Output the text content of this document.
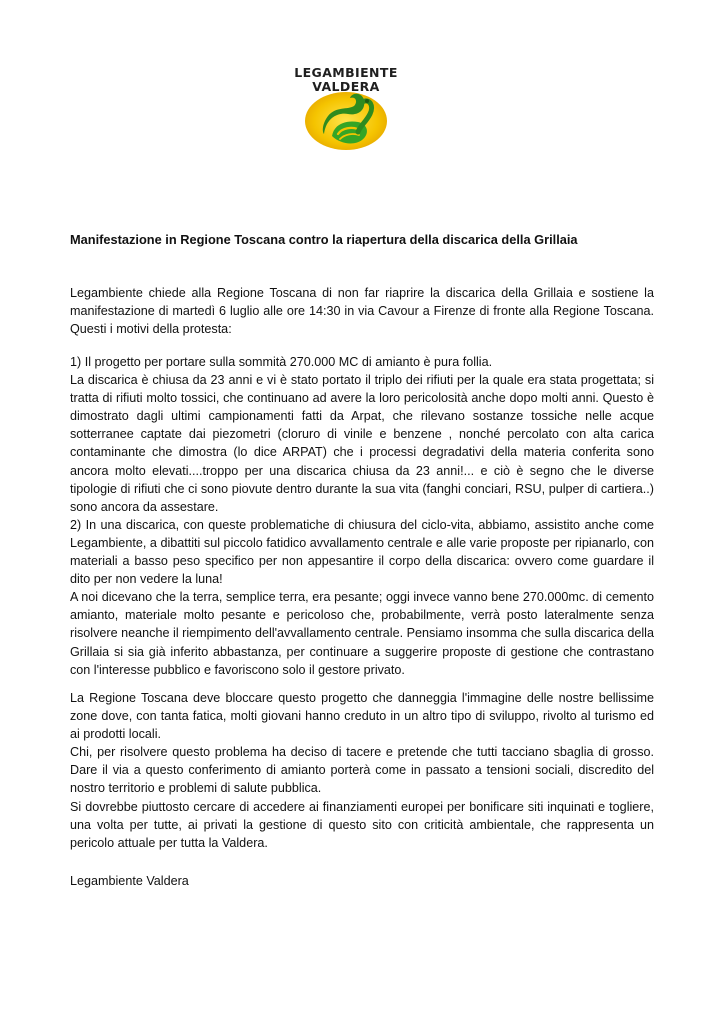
LEGAMBIENTE
VALDERA
Manifestazione in Regione Toscana contro la riapertura della discarica della Grillaia

Legambiente chiede alla Regione Toscana di non far riaprire la discarica della Grillaia e sostiene la manifestazione di martedì 6 luglio alle ore 14:30 in via Cavour a Firenze di fronte alla Regione Toscana. Questi i motivi della protesta:

1) Il progetto per portare sulla sommità 270.000 MC di amianto è pura follia.
La discarica è chiusa da 23 anni e vi è stato portato il triplo dei rifiuti per la quale era stata progettata; si tratta di rifiuti molto tossici, che continuano ad avere la loro pericolosità anche dopo molti anni. Questo è dimostrato dagli ultimi campionamenti fatti da Arpat, che rilevano sostanze tossiche nelle acque sotterranee captate dai piezometri (cloruro di vinile e benzene , nonché percolato con alta carica contaminante che dimostra (lo dice ARPAT) che i processi degradativi della materia conferita sono ancora molto elevati....troppo per una discarica chiusa da 23 anni!... e ciò è segno che le diverse tipologie di rifiuti che ci sono piovute dentro durante la sua vita (fanghi conciari, RSU, pulper di cartiera..) sono ancora da assestare.
2) In una discarica, con queste problematiche di chiusura del ciclo-vita, abbiamo, assistito anche come Legambiente, a dibattiti sul piccolo fatidico avvallamento centrale e alle varie proposte per ripianarlo, con materiali a basso peso specifico per non appesantire il corpo della discarica: ovvero come guardare il dito per non vedere la luna!
A noi dicevano che la terra, semplice terra, era pesante; oggi invece vanno bene 270.000mc. di cemento amianto, materiale molto pesante e pericoloso che, probabilmente, verrà posto lateralmente senza risolvere neanche il riempimento dell'avvallamento centrale. Pensiamo insomma che sulla discarica della Grillaia si sia già inferito abbastanza, per continuare a suggerire proposte di gestione che contrastano con l'interesse pubblico e favoriscono solo il gestore privato.
La Regione Toscana deve bloccare questo progetto che danneggia l'immagine delle nostre bellissime zone dove, con tanta fatica, molti giovani hanno creduto in un altro tipo di sviluppo, rivolto al turismo ed ai prodotti locali.
Chi, per risolvere questo problema ha deciso di tacere e pretende che tutti tacciano sbaglia di grosso. Dare il via a questo conferimento di amianto porterà come in passato a tensioni sociali, discredito del nostro territorio e problemi di salute pubblica.
Si dovrebbe piuttosto cercare di accedere ai finanziamenti europei per bonificare siti inquinati e togliere, una volta per tutte, ai privati la gestione di questo sito con criticità ambientale, che rappresenta un pericolo attuale per tutta la Valdera.
Legambiente Valdera
